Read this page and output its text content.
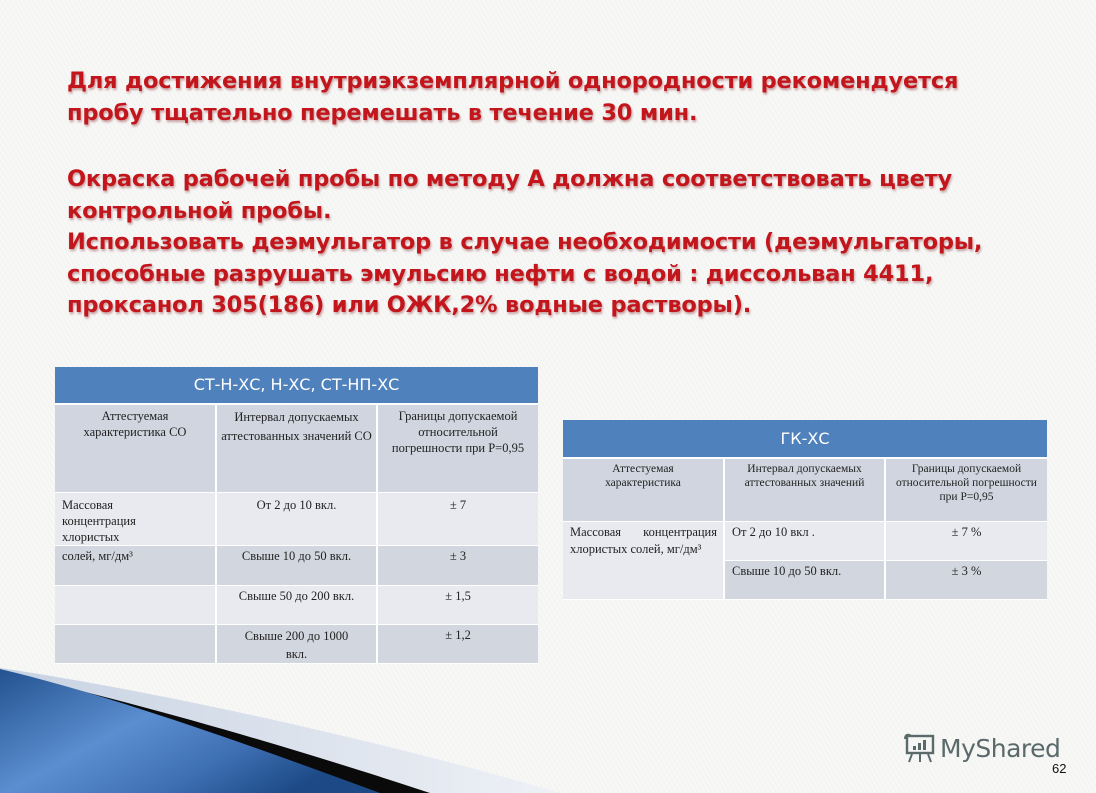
Для достижения внутриэкземплярной однородности рекомендуется

пробу тщательно перемешать в течение 30 мин.

Окраска рабочей пробы по методу А должна соответствовать цвету

контрольной пробы.

Использовать деэмульгатор в случае необходимости (деэмульгаторы,

способные разрушать эмульсию нефти с водой : диссольван 4411,

проксанол 305(186) или ОЖК,2% водные растворы).

СТ-Н-ХС, Н-ХС, СТ-НП-ХС		
Аттестуемая характеристика СО	Интервал допускаемых аттестованных значений СО	Границы допускаемой относительной погрешности при Р=0,95
Массовая
концентрация
хлористых	От 2 до 10 вкл.	± 7
солей, мг/дм³	Свыше 10 до 50 вкл.	± 3
	Свыше 50 до 200 вкл.	± 1,5
	Свыше 200 до 1000 вкл.	± 1,2
ГК-ХС		
Аттестуемая характеристика	Интервал допускаемых аттестованных значений	Границы допускаемой относительной погрешности при Р=0,95
Массовая концентрация хлористых солей, мг/дм³	От 2 до 10 вкл .	± 7 %
	Свыше 10 до 50 вкл.	± 3 %
MyShared
62
